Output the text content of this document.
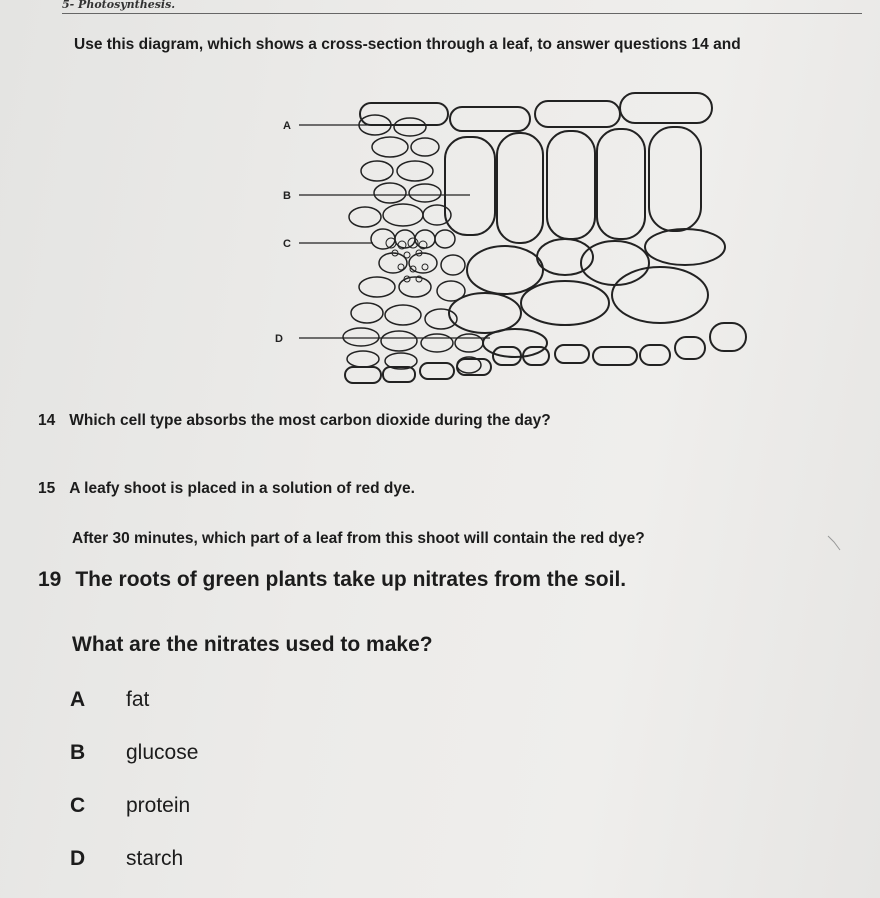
5- Photosynthesis.
Use this diagram, which shows a cross-section through a leaf, to answer questions 14 and
A
B
C
D
14 Which cell type absorbs the most carbon dioxide during the day?
15 A leafy shoot is placed in a solution of red dye.
After 30 minutes, which part of a leaf from this shoot will contain the red dye?
19 The roots of green plants take up nitrates from the soil.
What are the nitrates used to make?
A fat
B glucose
C protein
D starch
